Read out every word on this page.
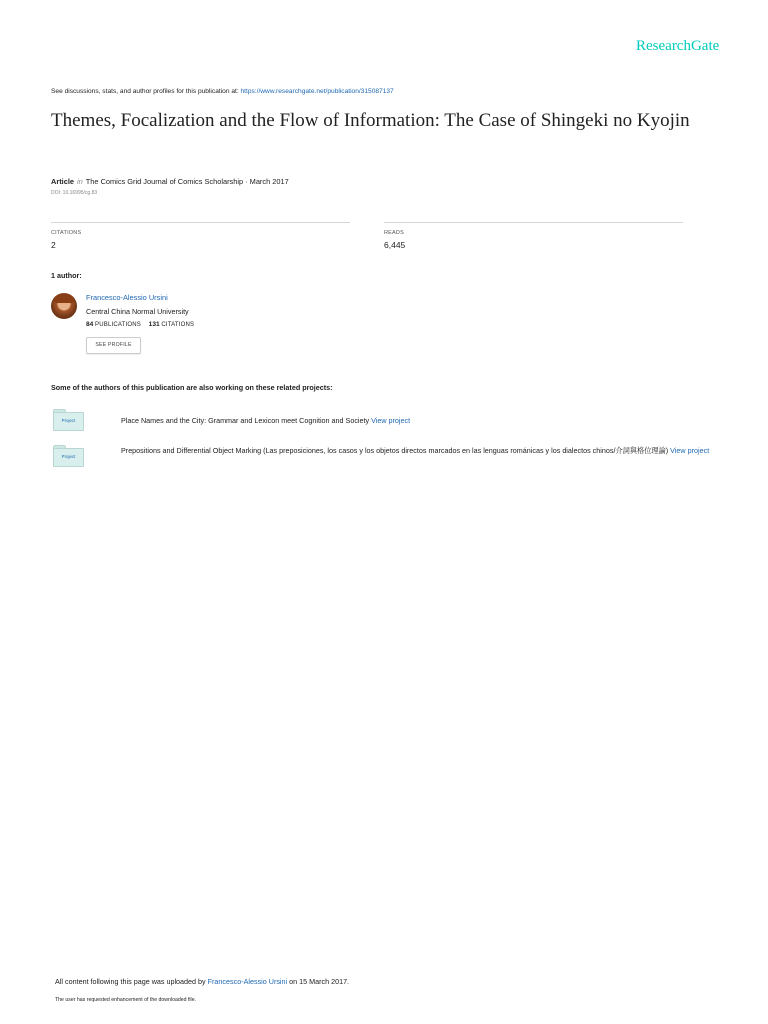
ResearchGate
See discussions, stats, and author profiles for this publication at: https://www.researchgate.net/publication/315087137
Themes, Focalization and the Flow of Information: The Case of Shingeki no Kyojin
Article in The Comics Grid Journal of Comics Scholarship · March 2017
DOI: 10.16995/cg.83
CITATIONS
2
READS
6,445
1 author:
Francesco-Alessio Ursini
Central China Normal University
84 PUBLICATIONS 131 CITATIONS
SEE PROFILE
Some of the authors of this publication are also working on these related projects:
Project	Place Names and the City: Grammar and Lexicon meet Cognition and Society View project
Project
Prepositions and Differential Object Marking (Las preposiciones, los casos y los objetos directos marcados en las lenguas románicas y los dialectos chinos/介詞與格位理論) View project
All content following this page was uploaded by Francesco-Alessio Ursini on 15 March 2017.
The user has requested enhancement of the downloaded file.
